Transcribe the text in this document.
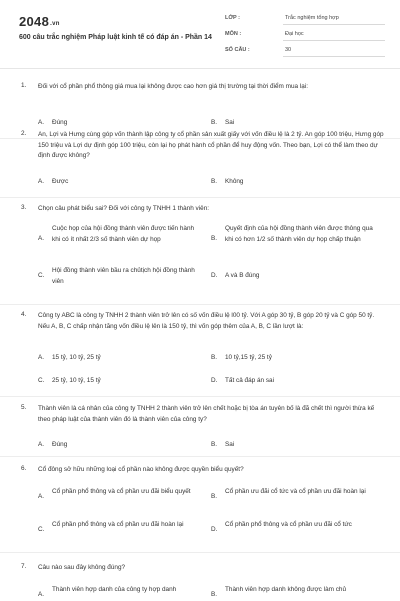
2048.vn
600 câu trắc nghiệm Pháp luật kinh tế có đáp án - Phần 14
LỚP :	Trắc nghiệm tổng hợp
MÔN :	Đại học
SỐ CÂU :	30
1. Đối với cổ phần phổ thông giá mua lại không được cao hơn giá thị trường tại thời điểm mua lại:
A. Đúng	B. Sai
2. An, Lợi và Hưng cùng góp vốn thành lập công ty cổ phần sản xuất giấy với vốn điều lệ là 2 tỷ. An góp 100 triệu, Hưng góp 150 triệu và Lợi dự định góp 100 triệu, còn lại họ phát hành cổ phần để huy động vốn. Theo bạn, Lợi có thể làm theo dự định được không?
A. Được	B. Không
3. Chọn câu phát biểu sai? Đối với công ty TNHH 1 thành viên:
A.
Cuộc họp của hội đồng thành viên được tiến hành khi có ít nhất 2/3 số thành viên dự họp	B.
Quyết định của hội đồng thành viên được thông qua khi có hơn 1/2 số thành viên dự họp chấp thuận
C.
Hội đồng thành viên bầu ra chủtịch hội đồng thành viên
D. A và B đúng
4. Công ty ABC là công ty TNHH 2 thành viên trở lên có số vốn điều lệ l00 tỷ. Với A góp 30 tỷ, B góp 20 tỷ và C góp 50 tỷ. Nếu A, B, C chấp nhận tăng vốn điều lệ lên là 150 tỷ, thì vốn góp thêm của A, B, C lần lượt là:
A. 15 tỷ, 10 tỷ, 25 tỷ	B. 10 tỷ,15 tỷ, 25 tỷ
C. 25 tỷ, 10 tỷ, 15 tỷ	D. Tất cả đáp án sai
5. Thành viên là cá nhân của công ty TNHH 2 thành viên trở lên chết hoặc bị tòa án tuyên bố là đã chết thì người thừa kế theo pháp luật của thành viên đó là thành viên của công ty?
A. Đúng	B. Sai
6. Cổ đông sở hữu những loại cổ phần nào không được quyền biểu quyết?
A.
Cổ phần phổ thông và cổ phần ưu đãi biểu quyết
B.
Cổ phần ưu đãi cổ tức và cổ phần ưu đãi hoàn lại
C.
Cổ phần phổ thông và cổ phần ưu đãi hoàn lại
D.
Cổ phần phổ thông và cổ phần ưu đãi cổ tức
7. Câu nào sau đây không đúng?
A.
Thành viên hợp danh của công ty hợp danh
B.
Thành viên hợp danh không được làm chủ
